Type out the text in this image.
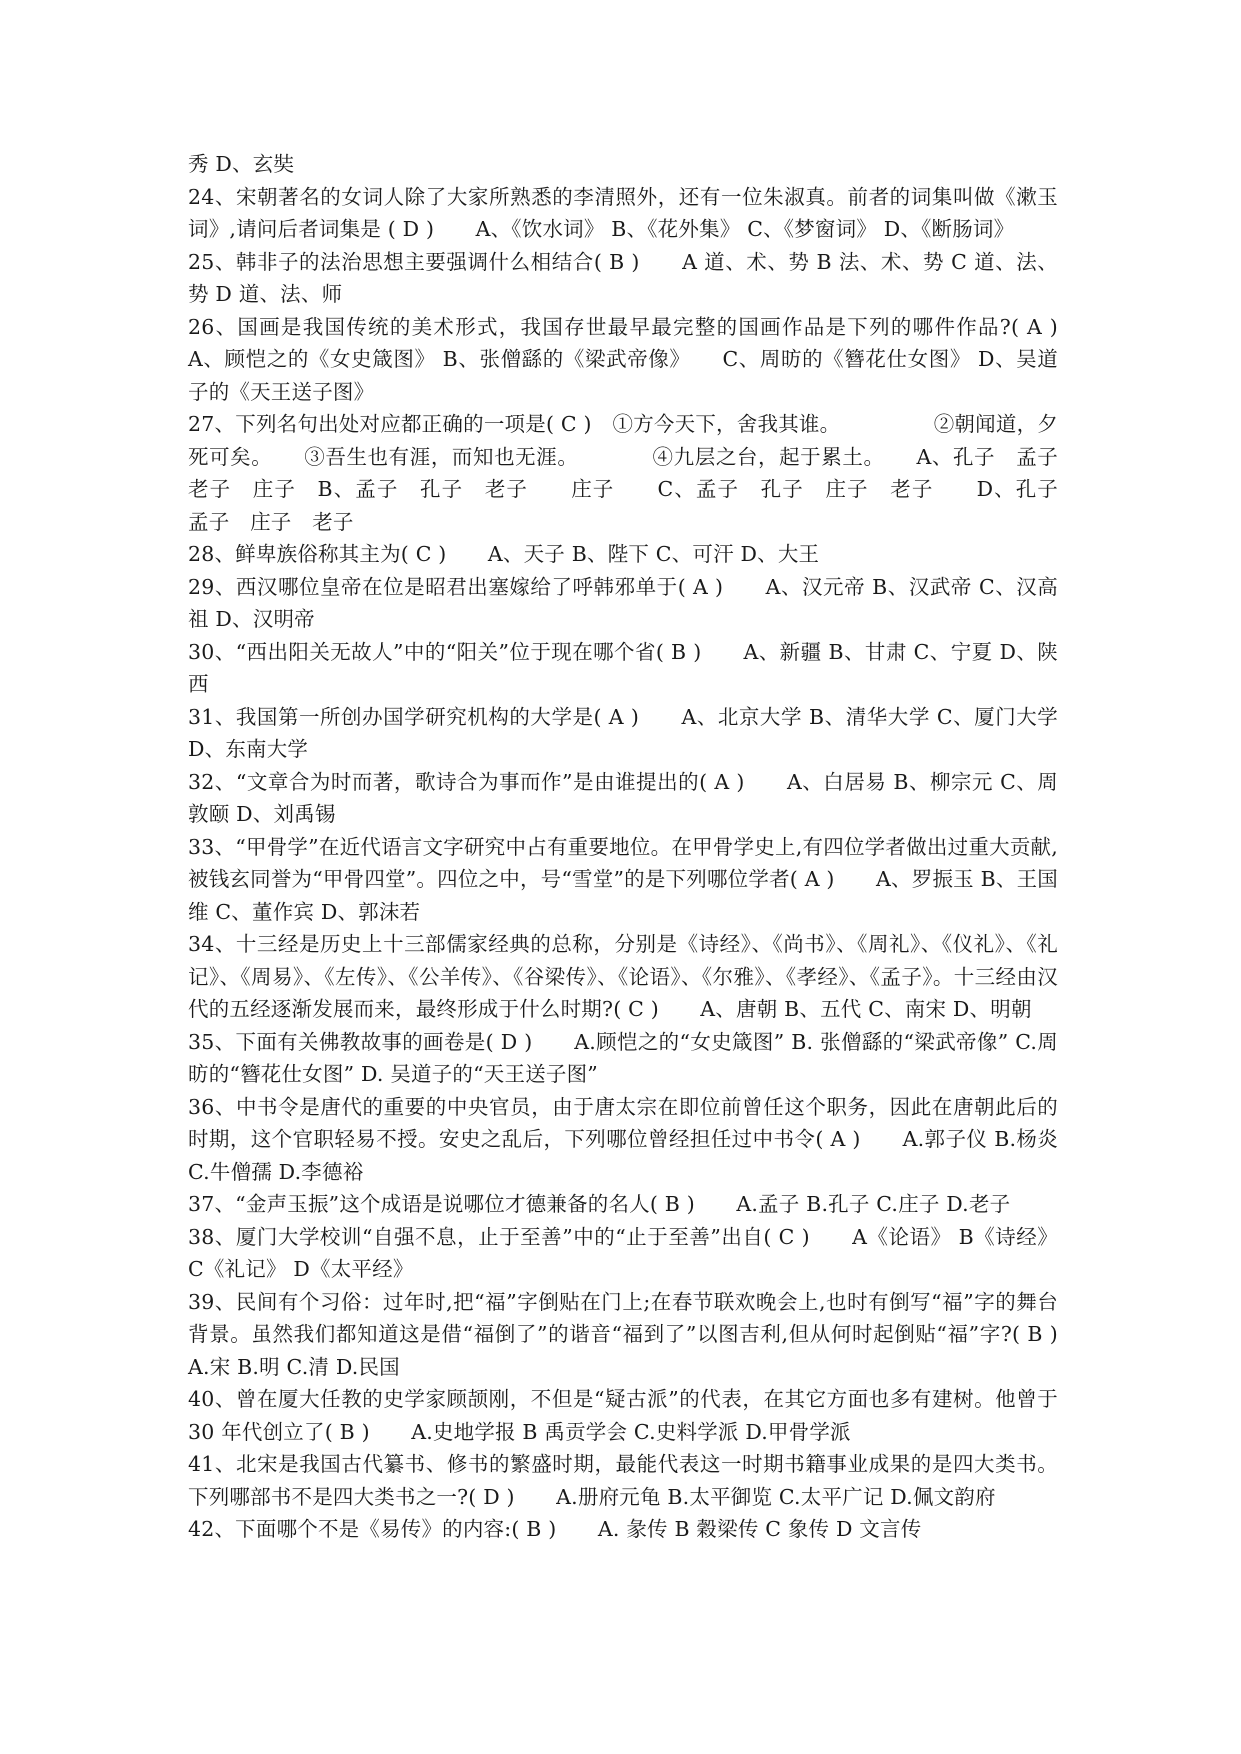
秀 D、玄奘

24、宋朝著名的女词人除了大家所熟悉的李清照外，还有一位朱淑真。前者的词集叫做《漱玉词》,请问后者词集是 ( D )　　A、《饮水词》 B、《花外集》 C、《梦窗词》 D、《断肠词》

25、韩非子的法治思想主要强调什么相结合( B )　　A 道、术、势 B 法、术、势 C 道、法、势 D 道、法、师

26、国画是我国传统的美术形式，我国存世最早最完整的国画作品是下列的哪件作品?( A )　A、顾恺之的《女史箴图》 B、张僧繇的《梁武帝像》　　C、周昉的《簪花仕女图》 D、吴道子的《天王送子图》

27、下列名句出处对应都正确的一项是( C )　①方今天下，舍我其谁。　　　　　②朝闻道，夕死可矣。　　③吾生也有涯，而知也无涯。　　　　④九层之台，起于累土。　　A、孔子　孟子　老子　庄子　B、孟子　孔子　老子　　庄子　　C、孟子　孔子　庄子　老子　　D、孔子　孟子　庄子　老子

28、鲜卑族俗称其主为( C )　　A、天子 B、陛下 C、可汗 D、大王

29、西汉哪位皇帝在位是昭君出塞嫁给了呼韩邪单于( A )　　A、汉元帝 B、汉武帝 C、汉高祖 D、汉明帝

30、“西出阳关无故人”中的“阳关”位于现在哪个省( B )　　A、新疆 B、甘肃 C、宁夏 D、陕西

31、我国第一所创办国学研究机构的大学是( A )　　A、北京大学 B、清华大学 C、厦门大学 D、东南大学

32、“文章合为时而著，歌诗合为事而作”是由谁提出的( A )　　A、白居易 B、柳宗元 C、周敦颐 D、刘禹锡

33、“甲骨学”在近代语言文字研究中占有重要地位。在甲骨学史上,有四位学者做出过重大贡献,被钱玄同誉为“甲骨四堂”。四位之中，号“雪堂”的是下列哪位学者( A )　　A、罗振玉 B、王国维 C、董作宾 D、郭沫若

34、十三经是历史上十三部儒家经典的总称，分别是《诗经》、《尚书》、《周礼》、《仪礼》、《礼记》、《周易》、《左传》、《公羊传》、《谷梁传》、《论语》、《尔雅》、《孝经》、《孟子》。十三经由汉代的五经逐渐发展而来，最终形成于什么时期?( C )　　A、唐朝 B、五代 C、南宋 D、明朝

35、下面有关佛教故事的画卷是( D )　　A.顾恺之的“女史箴图” B. 张僧繇的“梁武帝像” C.周昉的“簪花仕女图” D. 吴道子的“天王送子图”

36、中书令是唐代的重要的中央官员，由于唐太宗在即位前曾任这个职务，因此在唐朝此后的时期，这个官职轻易不授。安史之乱后，下列哪位曾经担任过中书令( A )　　A.郭子仪 B.杨炎 C.牛僧孺 D.李德裕

37、“金声玉振”这个成语是说哪位才德兼备的名人( B )　　A.孟子 B.孔子 C.庄子 D.老子

38、厦门大学校训“自强不息，止于至善”中的“止于至善”出自( C )　　A《论语》 B《诗经》 C《礼记》 D《太平经》

39、民间有个习俗：过年时,把“福”字倒贴在门上;在春节联欢晚会上,也时有倒写“福”字的舞台背景。虽然我们都知道这是借“福倒了”的谐音“福到了”以图吉利,但从何时起倒贴“福”字?( B )　　A.宋 B.明 C.清 D.民国

40、曾在厦大任教的史学家顾颉刚，不但是“疑古派”的代表，在其它方面也多有建树。他曾于 30 年代创立了( B )　　A.史地学报 B 禹贡学会 C.史料学派 D.甲骨学派

41、北宋是我国古代纂书、修书的繁盛时期，最能代表这一时期书籍事业成果的是四大类书。下列哪部书不是四大类书之一?( D )　　A.册府元龟 B.太平御览 C.太平广记 D.佩文韵府

42、下面哪个不是《易传》的内容:( B )　　A. 彖传 B 穀梁传 C 象传 D 文言传
